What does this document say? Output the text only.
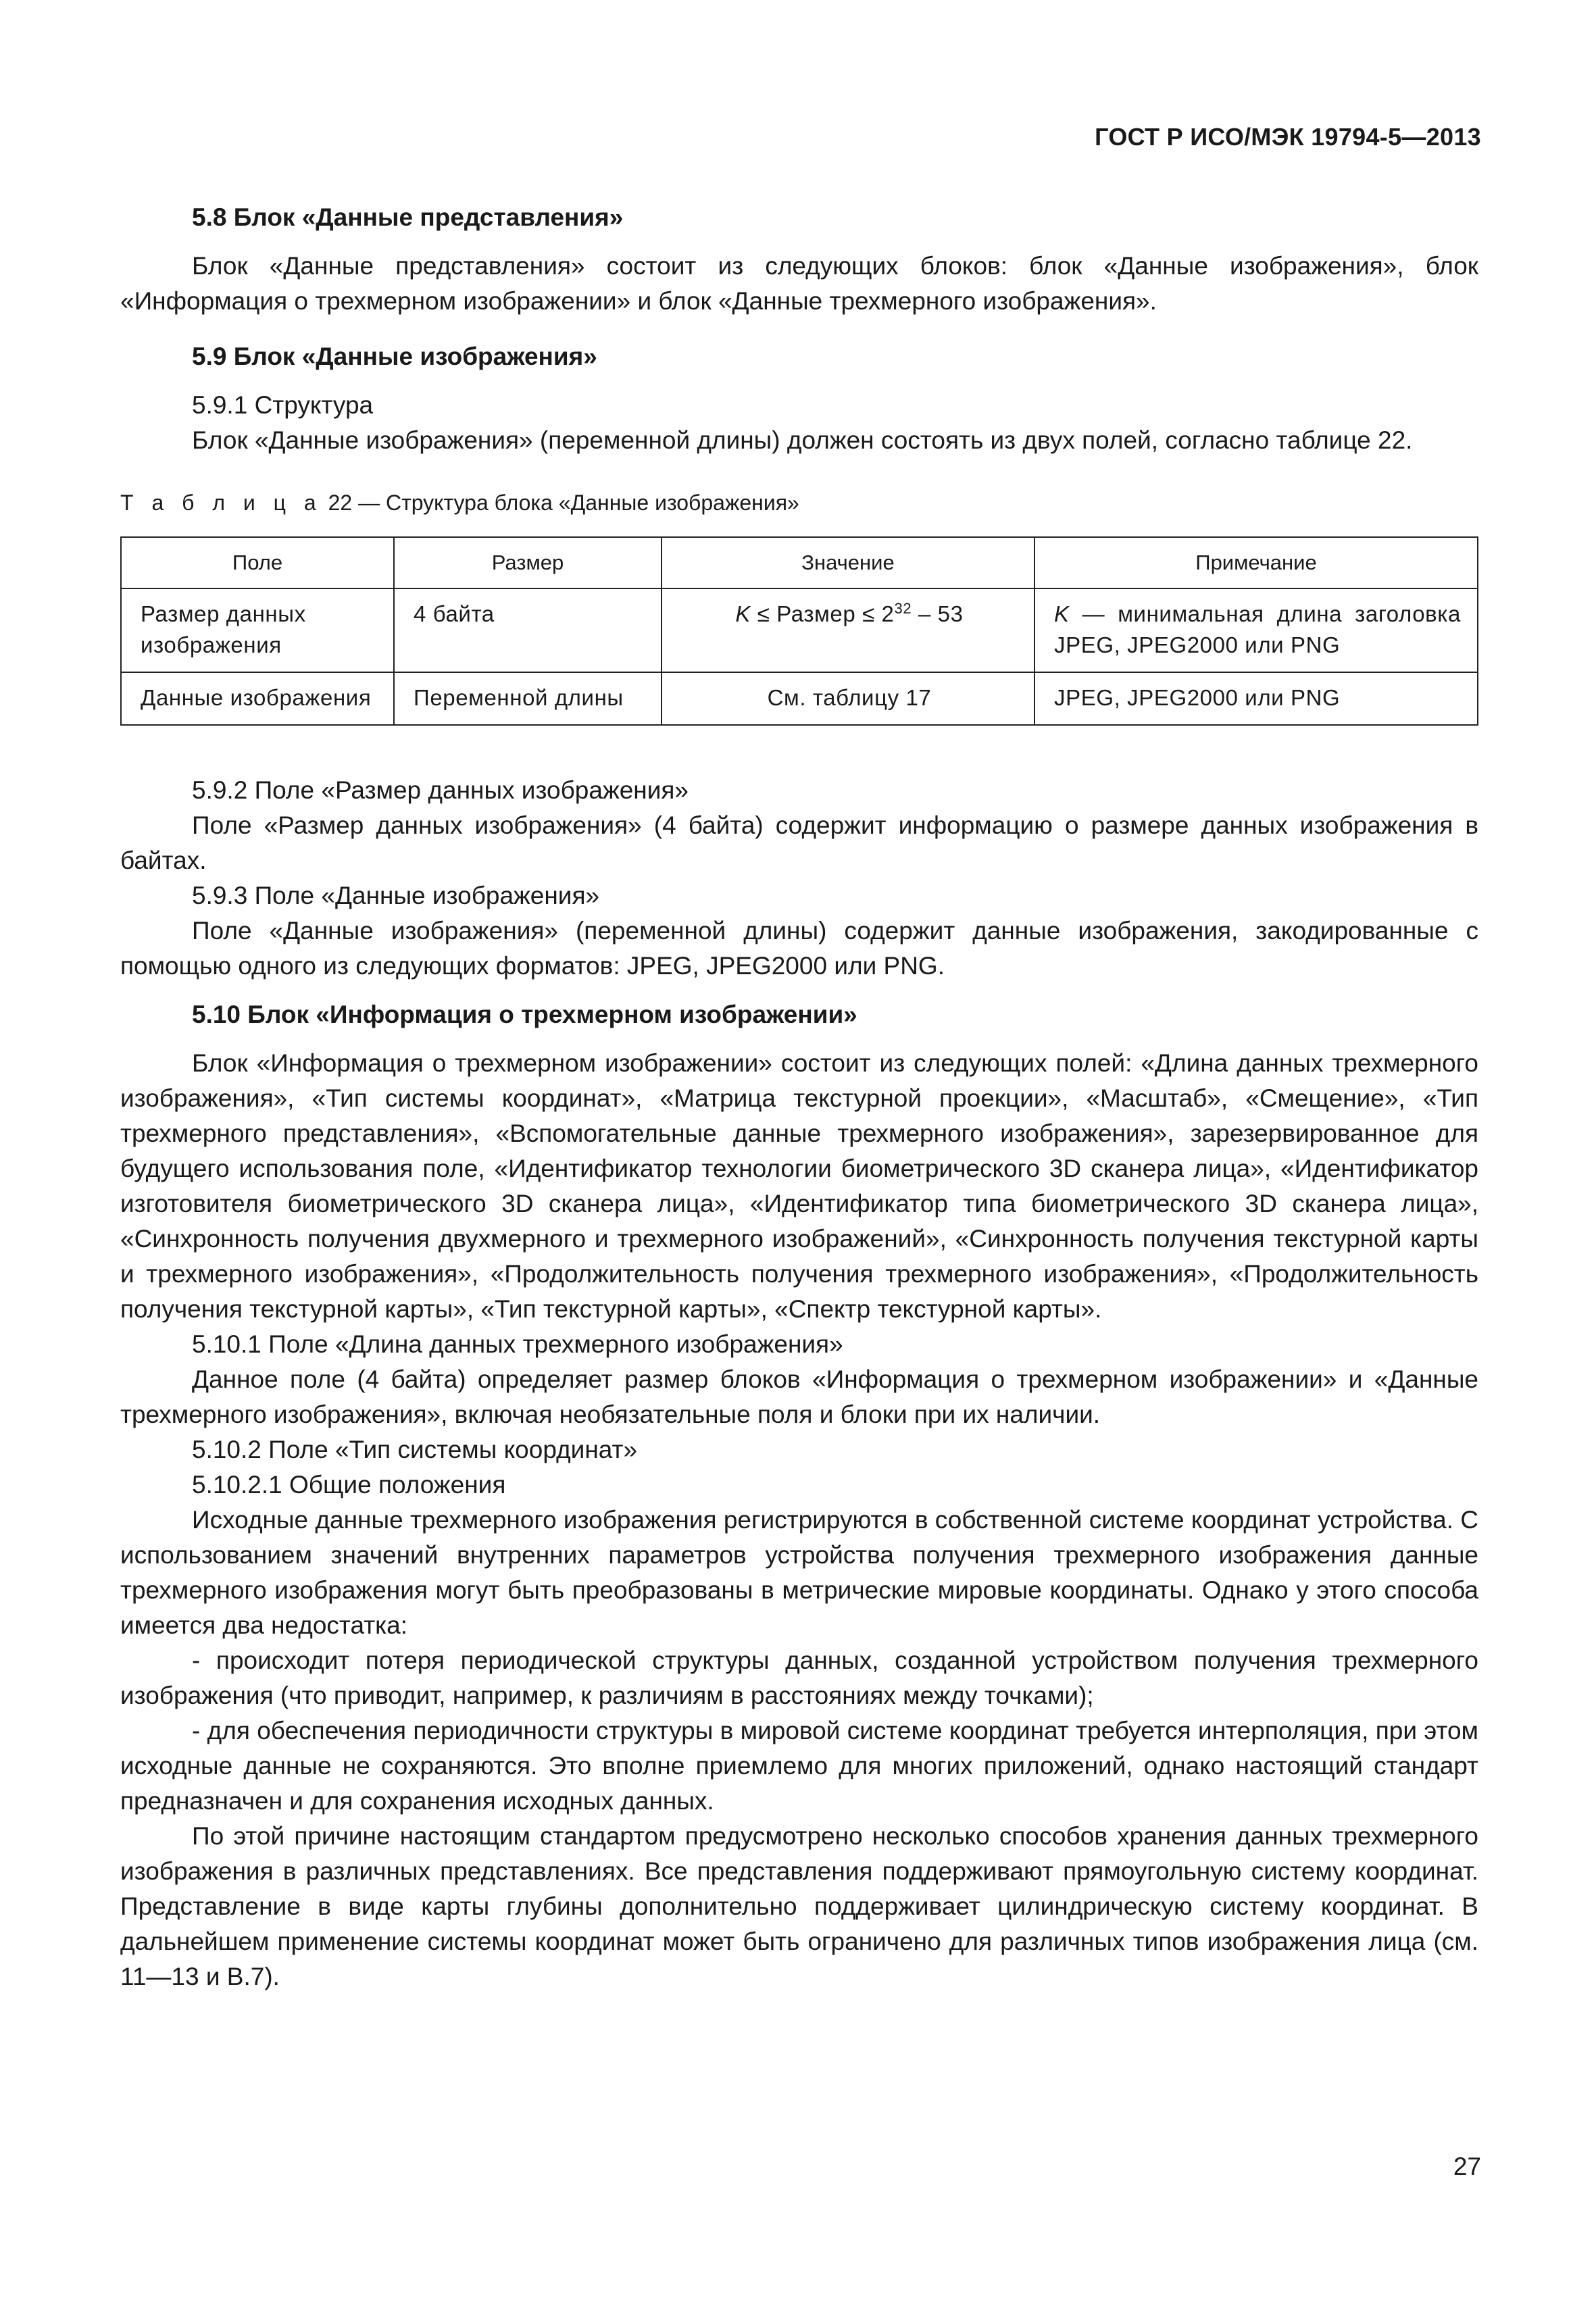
ГОСТ Р ИСО/МЭК 19794-5—2013
5.8 Блок «Данные представления»

Блок «Данные представления» состоит из следующих блоков: блок «Данные изображения», блок «Информация о трехмерном изображении» и блок «Данные трехмерного изображения».

5.9 Блок «Данные изображения»

5.9.1 Структура

Блок «Данные изображения» (переменной длины) должен состоять из двух полей, согласно таблице 22.

Т а б л и ц а 22 — Структура блока «Данные изображения»
Поле	Размер	Значение	Примечание
Размер данных изображения	4 байта	K ≤ Размер ≤ $2^{32} - 53$	K — минимальная длина заголовка JPEG, JPEG2000 или PNG
Данные изображения	Переменной длины	См. таблицу 17	JPEG, JPEG2000 или PNG

5.9.2 Поле «Размер данных изображения»

Поле «Размер данных изображения» (4 байта) содержит информацию о размере данных изображения в байтах.

5.9.3 Поле «Данные изображения»

Поле «Данные изображения» (переменной длины) содержит данные изображения, закодированные с помощью одного из следующих форматов: JPEG, JPEG2000 или PNG.

5.10 Блок «Информация о трехмерном изображении»

Блок «Информация о трехмерном изображении» состоит из следующих полей: «Длина данных трехмерного изображения», «Тип системы координат», «Матрица текстурной проекции», «Масштаб», «Смещение», «Тип трехмерного представления», «Вспомогательные данные трехмерного изображения», зарезервированное для будущего использования поле, «Идентификатор технологии биометрического 3D сканера лица», «Идентификатор изготовителя биометрического 3D сканера лица», «Идентификатор типа биометрического 3D сканера лица», «Синхронность получения двухмерного и трехмерного изображений», «Синхронность получения текстурной карты и трехмерного изображения», «Продолжительность получения трехмерного изображения», «Продолжительность получения текстурной карты», «Тип текстурной карты», «Спектр текстурной карты».

5.10.1 Поле «Длина данных трехмерного изображения»

Данное поле (4 байта) определяет размер блоков «Информация о трехмерном изображении» и «Данные трехмерного изображения», включая необязательные поля и блоки при их наличии.

5.10.2 Поле «Тип системы координат»

5.10.2.1 Общие положения

Исходные данные трехмерного изображения регистрируются в собственной системе координат устройства. С использованием значений внутренних параметров устройства получения трехмерного изображения данные трехмерного изображения могут быть преобразованы в метрические мировые координаты. Однако у этого способа имеется два недостатка:

- происходит потеря периодической структуры данных, созданной устройством получения трехмерного изображения (что приводит, например, к различиям в расстояниях между точками);

- для обеспечения периодичности структуры в мировой системе координат требуется интерполяция, при этом исходные данные не сохраняются. Это вполне приемлемо для многих приложений, однако настоящий стандарт предназначен и для сохранения исходных данных.

По этой причине настоящим стандартом предусмотрено несколько способов хранения данных трехмерного изображения в различных представлениях. Все представления поддерживают прямоугольную систему координат. Представление в виде карты глубины дополнительно поддерживает цилиндрическую систему координат. В дальнейшем применение системы координат может быть ограничено для различных типов изображения лица (см. 11—13 и B.7).

27
